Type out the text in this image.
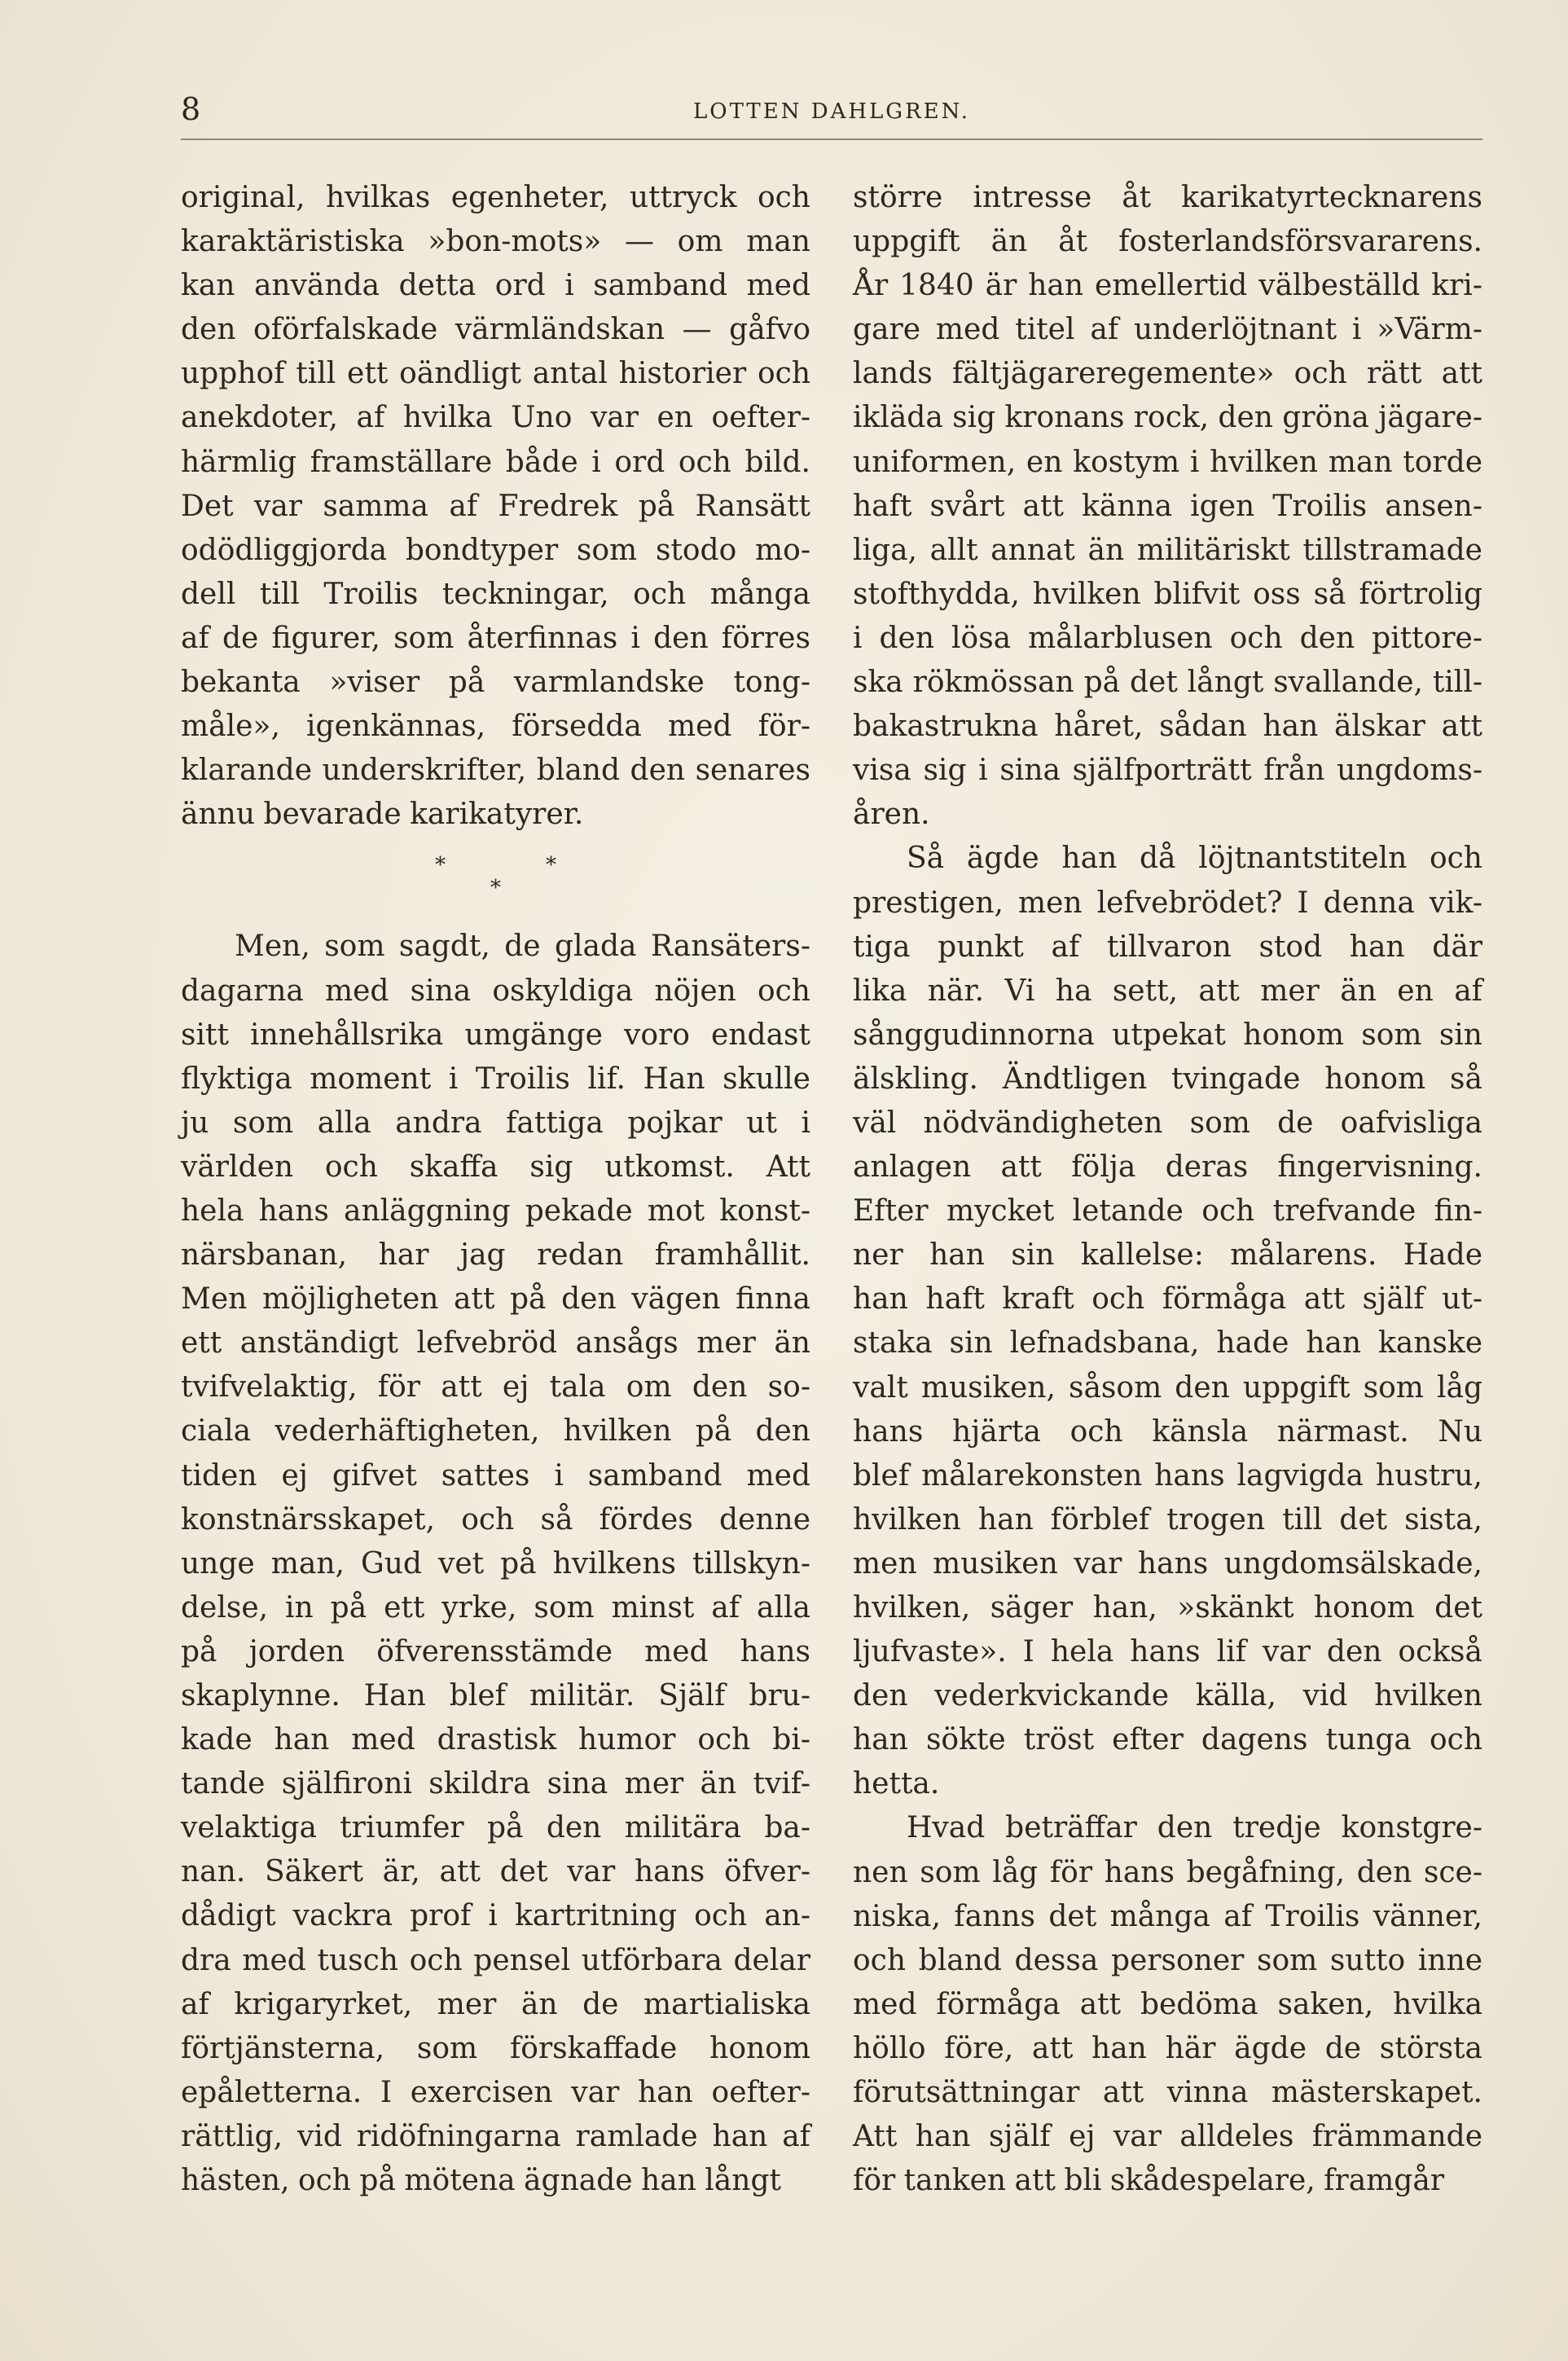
8	LOTTEN DAHLGREN.
original, hvilkas egenheter, uttryck och
karaktäristiska »bon-mots» — om man
kan använda detta ord i samband med
den oförfalskade värmländskan — gåfvo
upphof till ett oändligt antal historier och
anekdoter, af hvilka Uno var en oefter-
härmlig framställare både i ord och bild.
Det var samma af Fredrek på Ransätt
odödliggjorda bondtyper som stodo mo-
dell till Troilis teckningar, och många
af de figurer, som återfinnas i den förres
bekanta »viser på varmlandske tong-
måle», igenkännas, försedda med för-
klarande underskrifter, bland den senares
ännu bevarade karikatyrer.
*	*
*
Men, som sagdt, de glada Ransäters-
dagarna med sina oskyldiga nöjen och
sitt innehållsrika umgänge voro endast
flyktiga moment i Troilis lif. Han skulle
ju som alla andra fattiga pojkar ut i
världen och skaffa sig utkomst. Att
hela hans anläggning pekade mot konst-
närsbanan, har jag redan framhållit.
Men möjligheten att på den vägen finna
ett anständigt lefvebröd ansågs mer än
tvifvelaktig, för att ej tala om den so-
ciala vederhäftigheten, hvilken på den
tiden ej gifvet sattes i samband med
konstnärsskapet, och så fördes denne
unge man, Gud vet på hvilkens tillskyn-
delse, in på ett yrke, som minst af alla
på jorden öfverensstämde med hans
skaplynne. Han blef militär. Själf bru-
kade han med drastisk humor och bi-
tande själfironi skildra sina mer än tvif-
velaktiga triumfer på den militära ba-
nan. Säkert är, att det var hans öfver-
dådigt vackra prof i kartritning och an-
dra med tusch och pensel utförbara delar
af krigaryrket, mer än de martialiska
förtjänsterna, som förskaffade honom
epåletterna. I exercisen var han oefter-
rättlig, vid ridöfningarna ramlade han af
hästen, och på mötena ägnade han långt
större intresse åt karikatyrtecknarens
uppgift än åt fosterlandsförsvararens.
År 1840 är han emellertid välbeställd kri-
gare med titel af underlöjtnant i »Värm-
lands fältjägareregemente» och rätt att
ikläda sig kronans rock, den gröna jägare-
uniformen, en kostym i hvilken man torde
haft svårt att känna igen Troilis ansen-
liga, allt annat än militäriskt tillstramade
stofthydda, hvilken blifvit oss så förtrolig
i den lösa målarblusen och den pittore-
ska rökmössan på det långt svallande, till-
bakastrukna håret, sådan han älskar att
visa sig i sina själfporträtt från ungdoms-
åren.
Så ägde han då löjtnantstiteln och
prestigen, men lefvebrödet? I denna vik-
tiga punkt af tillvaron stod han där
lika när. Vi ha sett, att mer än en af
sånggudinnorna utpekat honom som sin
älskling. Ändtligen tvingade honom så
väl nödvändigheten som de oafvisliga
anlagen att följa deras fingervisning.
Efter mycket letande och trefvande fin-
ner han sin kallelse: målarens. Hade
han haft kraft och förmåga att själf ut-
staka sin lefnadsbana, hade han kanske
valt musiken, såsom den uppgift som låg
hans hjärta och känsla närmast. Nu
blef målarekonsten hans lagvigda hustru,
hvilken han förblef trogen till det sista,
men musiken var hans ungdomsälskade,
hvilken, säger han, »skänkt honom det
ljufvaste». I hela hans lif var den också
den vederkvickande källa, vid hvilken
han sökte tröst efter dagens tunga och
hetta.
Hvad beträffar den tredje konstgre-
nen som låg för hans begåfning, den sce-
niska, fanns det många af Troilis vänner,
och bland dessa personer som sutto inne
med förmåga att bedöma saken, hvilka
höllo före, att han här ägde de största
förutsättningar att vinna mästerskapet.
Att han själf ej var alldeles främmande
för tanken att bli skådespelare, framgår
